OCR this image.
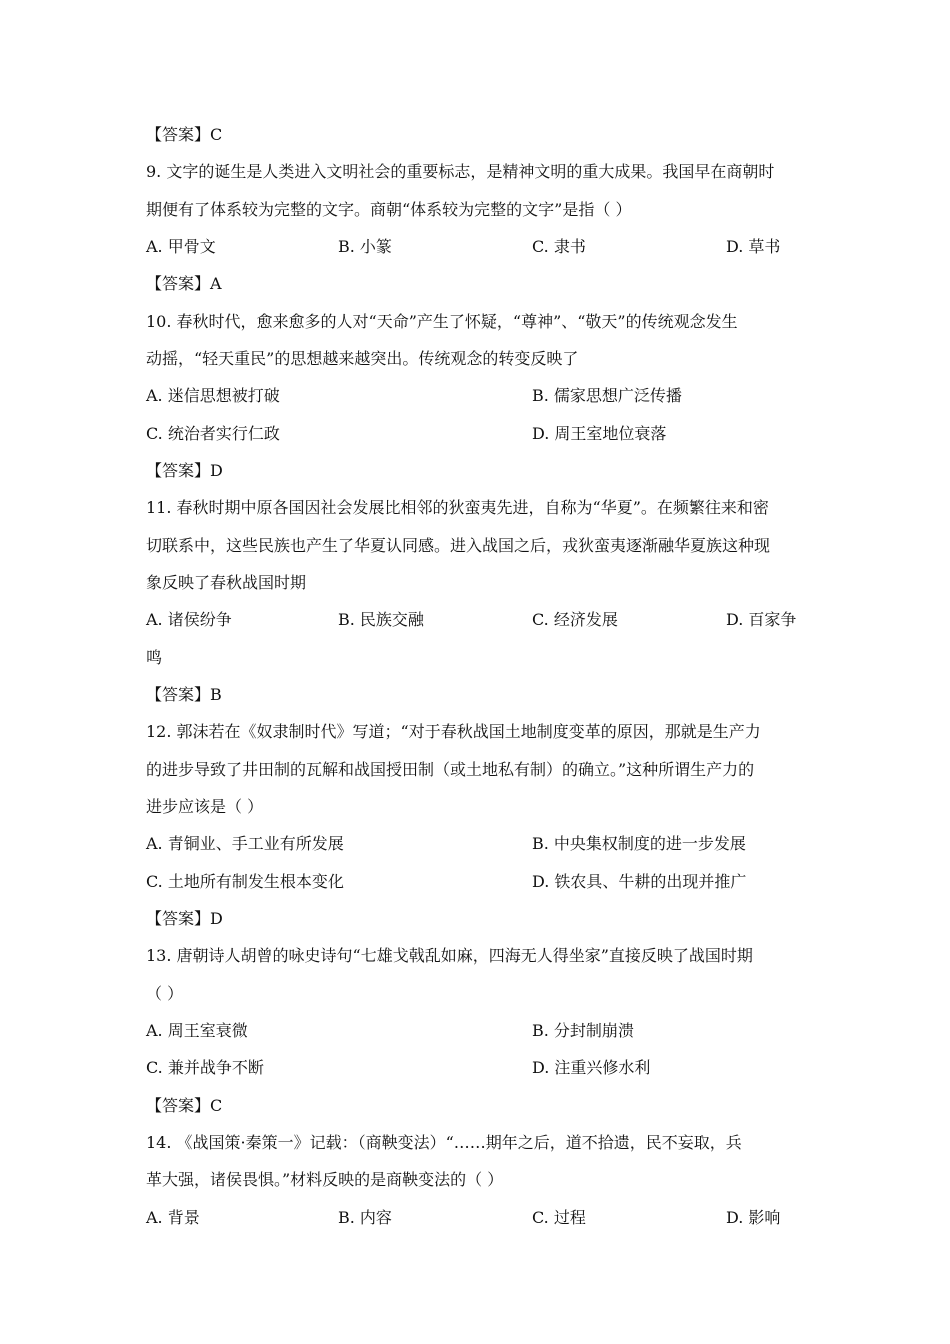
【答案】C
9. 文字的诞生是人类进入文明社会的重要标志，是精神文明的重大成果。我国早在商朝时
期便有了体系较为完整的文字。商朝“体系较为完整的文字”是指（ ）
A. 甲骨文	B. 小篆	C. 隶书	D. 草书
【答案】A
10. 春秋时代，愈来愈多的人对“天命”产生了怀疑，“尊神”、“敬天”的传统观念发生
动摇，“轻天重民”的思想越来越突出。传统观念的转变反映了
A. 迷信思想被打破	B. 儒家思想广泛传播
C. 统治者实行仁政	D. 周王室地位衰落
【答案】D
11. 春秋时期中原各国因社会发展比相邻的狄蛮夷先进，自称为“华夏”。在频繁往来和密
切联系中，这些民族也产生了华夏认同感。进入战国之后，戎狄蛮夷逐渐融华夏族这种现
象反映了春秋战国时期
A. 诸侯纷争	B. 民族交融	C. 经济发展	D. 百家争
鸣
【答案】B
12. 郭沫若在《奴隶制时代》写道；“对于春秋战国土地制度变革的原因，那就是生产力
的进步导致了井田制的瓦解和战国授田制（或土地私有制）的确立。”这种所谓生产力的
进步应该是（ ）
A. 青铜业、手工业有所发展	B. 中央集权制度的进一步发展
C. 土地所有制发生根本变化	D. 铁农具、牛耕的出现并推广
【答案】D
13. 唐朝诗人胡曾的咏史诗句“七雄戈戟乱如麻，四海无人得坐家”直接反映了战国时期
（ ）
A. 周王室衰微	B. 分封制崩溃
C. 兼并战争不断	D. 注重兴修水利
【答案】C
14. 《战国策·秦策一》记载：（商鞅变法）“……期年之后，道不拾遗，民不妄取，兵
革大强，诸侯畏惧。”材料反映的是商鞅变法的（ ）
A. 背景	B. 内容	C. 过程	D. 影响
